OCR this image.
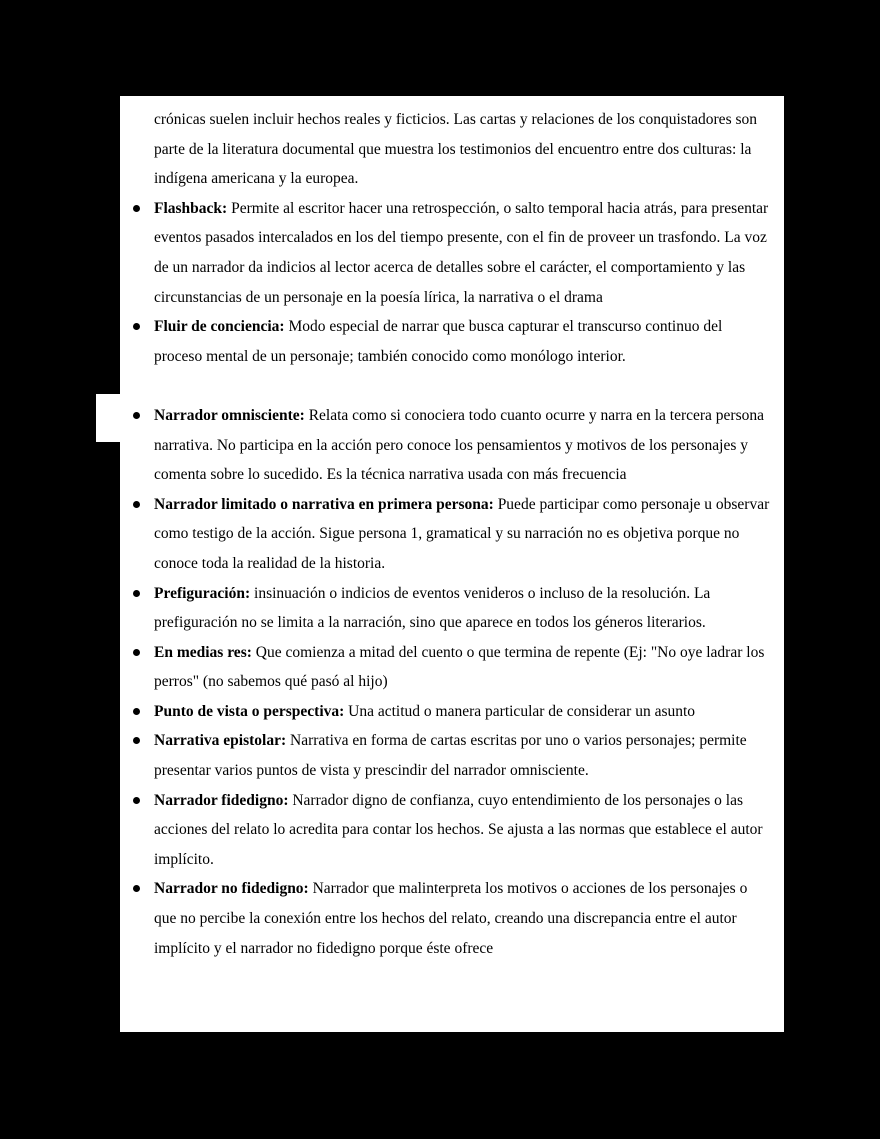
crónicas suelen incluir hechos reales y ficticios. Las cartas y relaciones de los conquistadores son parte de la literatura documental que muestra los testimonios del encuentro entre dos culturas: la indígena americana y la europea.

Flashback: Permite al escritor hacer una retrospección, o salto temporal hacia atrás, para presentar eventos pasados intercalados en los del tiempo presente, con el fin de proveer un trasfondo. La voz de un narrador da indicios al lector acerca de detalles sobre el carácter, el comportamiento y las circunstancias de un personaje en la poesía lírica, la narrativa o el drama
Fluir de conciencia: Modo especial de narrar que busca capturar el transcurso continuo del proceso mental de un personaje; también conocido como monólogo interior.
Narrador omnisciente: Relata como si conociera todo cuanto ocurre y narra en la tercera persona narrativa. No participa en la acción pero conoce los pensamientos y motivos de los personajes y comenta sobre lo sucedido. Es la técnica narrativa usada con más frecuencia
Narrador limitado o narrativa en primera persona: Puede participar como personaje u observar como testigo de la acción. Sigue persona 1, gramatical y su narración no es objetiva porque no conoce toda la realidad de la historia.
Prefiguración: insinuación o indicios de eventos venideros o incluso de la resolución. La prefiguración no se limita a la narración, sino que aparece en todos los géneros literarios.
En medias res: Que comienza a mitad del cuento o que termina de repente (Ej: "No oye ladrar los perros" (no sabemos qué pasó al hijo)
Punto de vista o perspectiva: Una actitud o manera particular de considerar un asunto
Narrativa epistolar: Narrativa en forma de cartas escritas por uno o varios personajes; permite presentar varios puntos de vista y prescindir del narrador omnisciente.
Narrador fidedigno: Narrador digno de confianza, cuyo entendimiento de los personajes o las acciones del relato lo acredita para contar los hechos. Se ajusta a las normas que establece el autor implícito.
Narrador no fidedigno: Narrador que malinterpreta los motivos o acciones de los personajes o que no percibe la conexión entre los hechos del relato, creando una discrepancia entre el autor implícito y el narrador no fidedigno porque éste ofrece
